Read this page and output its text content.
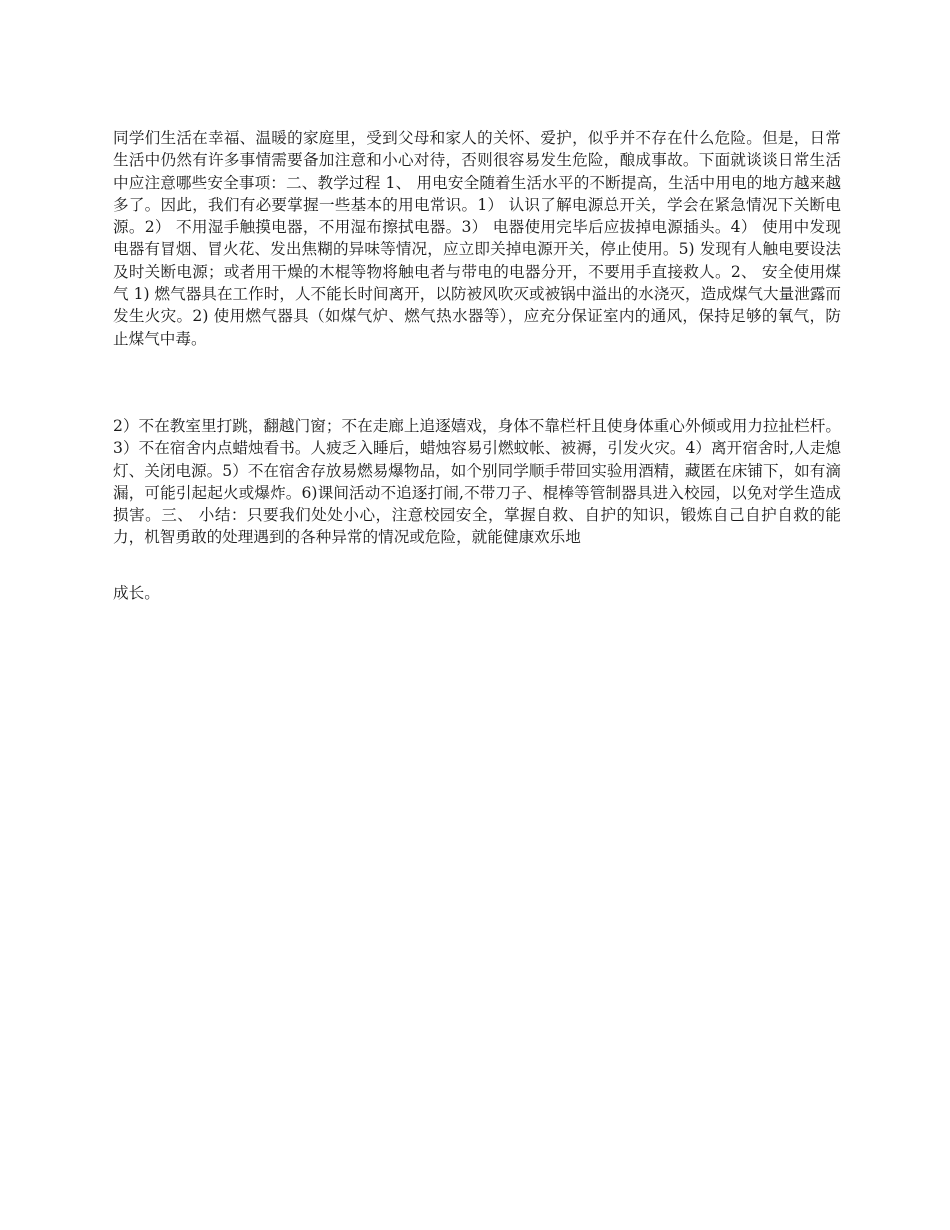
同学们生活在幸福、温暖的家庭里，受到父母和家人的关怀、爱护，似乎并不存在什么危险。但是，日常生活中仍然有许多事情需要备加注意和小心对待，否则很容易发生危险，酿成事故。下面就谈谈日常生活中应注意哪些安全事项：二、教学过程 1、 用电安全随着生活水平的不断提高，生活中用电的地方越来越多了。因此，我们有必要掌握一些基本的用电常识。1） 认识了解电源总开关，学会在紧急情况下关断电源。2） 不用湿手触摸电器，不用湿布擦拭电器。3） 电器使用完毕后应拔掉电源插头。4） 使用中发现电器有冒烟、冒火花、发出焦糊的异味等情况，应立即关掉电源开关，停止使用。5) 发现有人触电要设法及时关断电源；或者用干燥的木棍等物将触电者与带电的电器分开，不要用手直接救人。2、 安全使用煤气 1) 燃气器具在工作时，人不能长时间离开，以防被风吹灭或被锅中溢出的水浇灭，造成煤气大量泄露而发生火灾。2) 使用燃气器具（如煤气炉、燃气热水器等），应充分保证室内的通风，保持足够的氧气，防止煤气中毒。

2）不在教室里打跳，翻越门窗；不在走廊上追逐嬉戏，身体不靠栏杆且使身体重心外倾或用力拉扯栏杆。3）不在宿舍内点蜡烛看书。人疲乏入睡后，蜡烛容易引燃蚊帐、被褥，引发火灾。4）离开宿舍时,人走熄灯、关闭电源。5）不在宿舍存放易燃易爆物品，如个别同学顺手带回实验用酒精，藏匿在床铺下，如有滴漏，可能引起起火或爆炸。6)课间活动不追逐打闹,不带刀子、棍棒等管制器具进入校园，以免对学生造成损害。三、 小结：只要我们处处小心，注意校园安全，掌握自救、自护的知识，锻炼自己自护自救的能力，机智勇敢的处理遇到的各种异常的情况或危险，就能健康欢乐地

成长。
